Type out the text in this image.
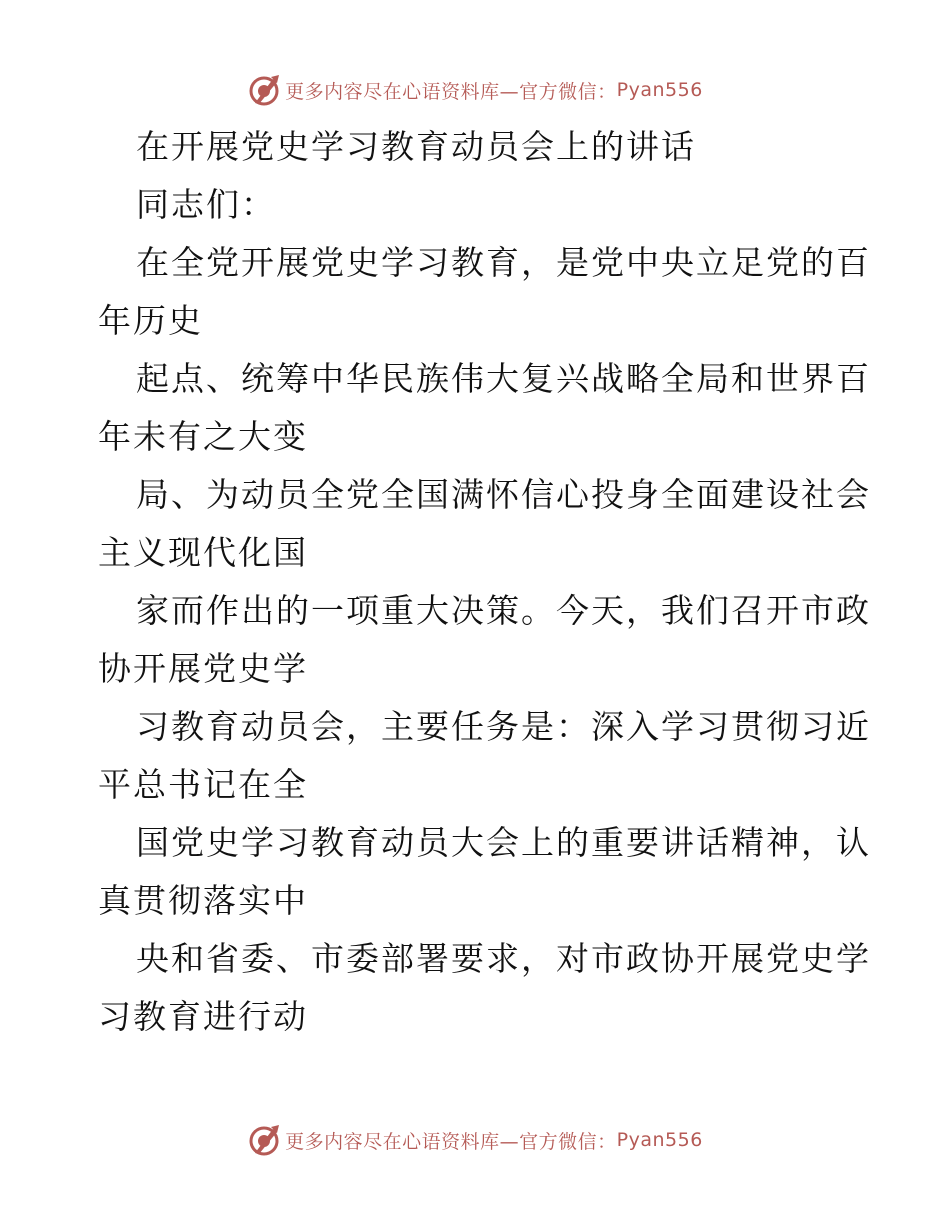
更多内容尽在心语资料库—官方微信： Pyan556
在开展党史学习教育动员会上的讲话
同志们：
在全党开展党史学习教育，是党中央立足党的百
年历史
起点、统筹中华民族伟大复兴战略全局和世界百
年未有之大变
局、为动员全党全国满怀信心投身全面建设社会
主义现代化国
家而作出的一项重大决策。今天，我们召开市政
协开展党史学
习教育动员会，主要任务是：深入学习贯彻习近
平总书记在全
国党史学习教育动员大会上的重要讲话精神，认
真贯彻落实中
央和省委、市委部署要求，对市政协开展党史学
习教育进行动
更多内容尽在心语资料库—官方微信： Pyan556
